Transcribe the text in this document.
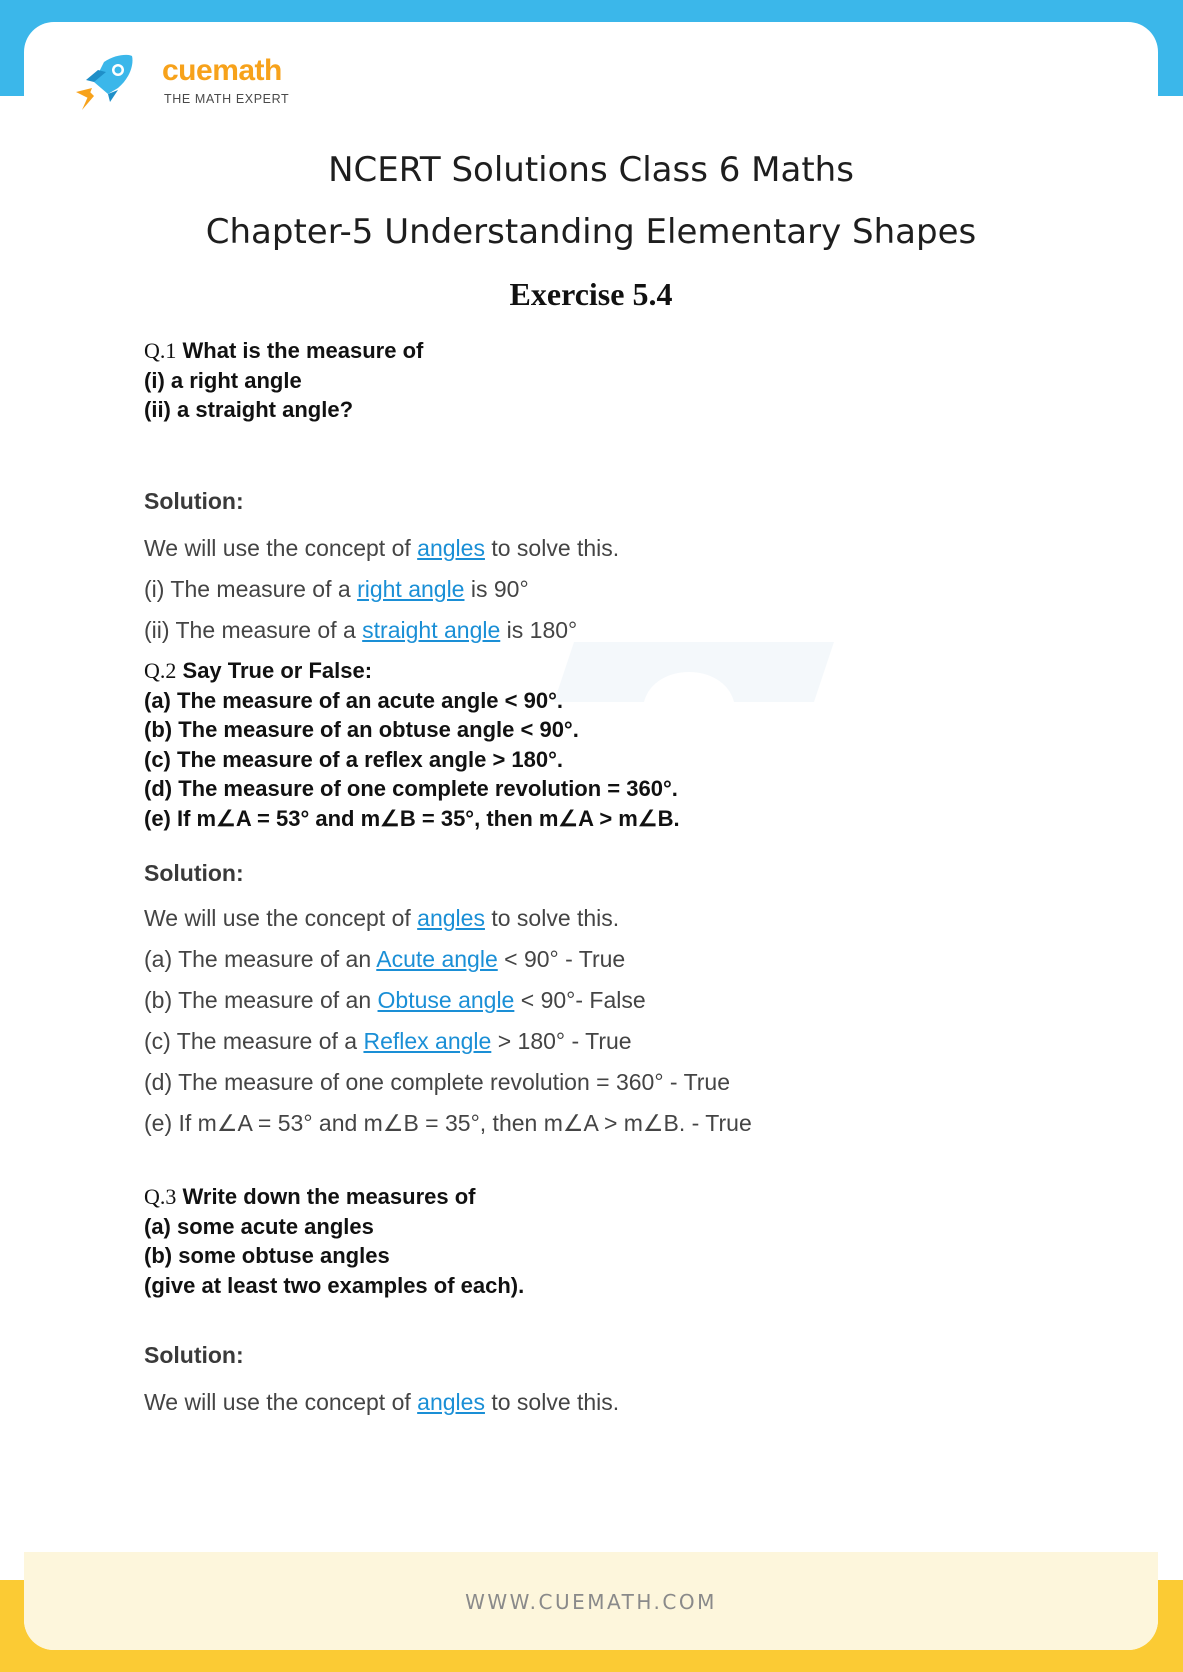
cuemath
THE MATH EXPERT
NCERT Solutions Class 6 Maths
Chapter-5 Understanding Elementary Shapes
Exercise 5.4
Q.1 What is the measure of
(i) a right angle
(ii) a straight angle?
Solution:
We will use the concept of angles to solve this.
(i) The measure of a right angle is 90°
(ii) The measure of a straight angle is 180°
Q.2 Say True or False:
(a) The measure of an acute angle < 90°.
(b) The measure of an obtuse angle < 90°.
(c) The measure of a reflex angle > 180°.
(d) The measure of one complete revolution = 360°.
(e) If m∠A = 53° and m∠B = 35°, then m∠A > m∠B.
Solution:
We will use the concept of angles to solve this.
(a) The measure of an Acute angle < 90° - True
(b) The measure of an Obtuse angle < 90°- False
(c) The measure of a Reflex angle > 180° - True
(d) The measure of one complete revolution = 360° - True
(e) If m∠A = 53° and m∠B = 35°, then m∠A > m∠B. - True
Q.3 Write down the measures of
(a) some acute angles
(b) some obtuse angles
(give at least two examples of each).
Solution:
We will use the concept of angles to solve this.
WWW.CUEMATH.COM
